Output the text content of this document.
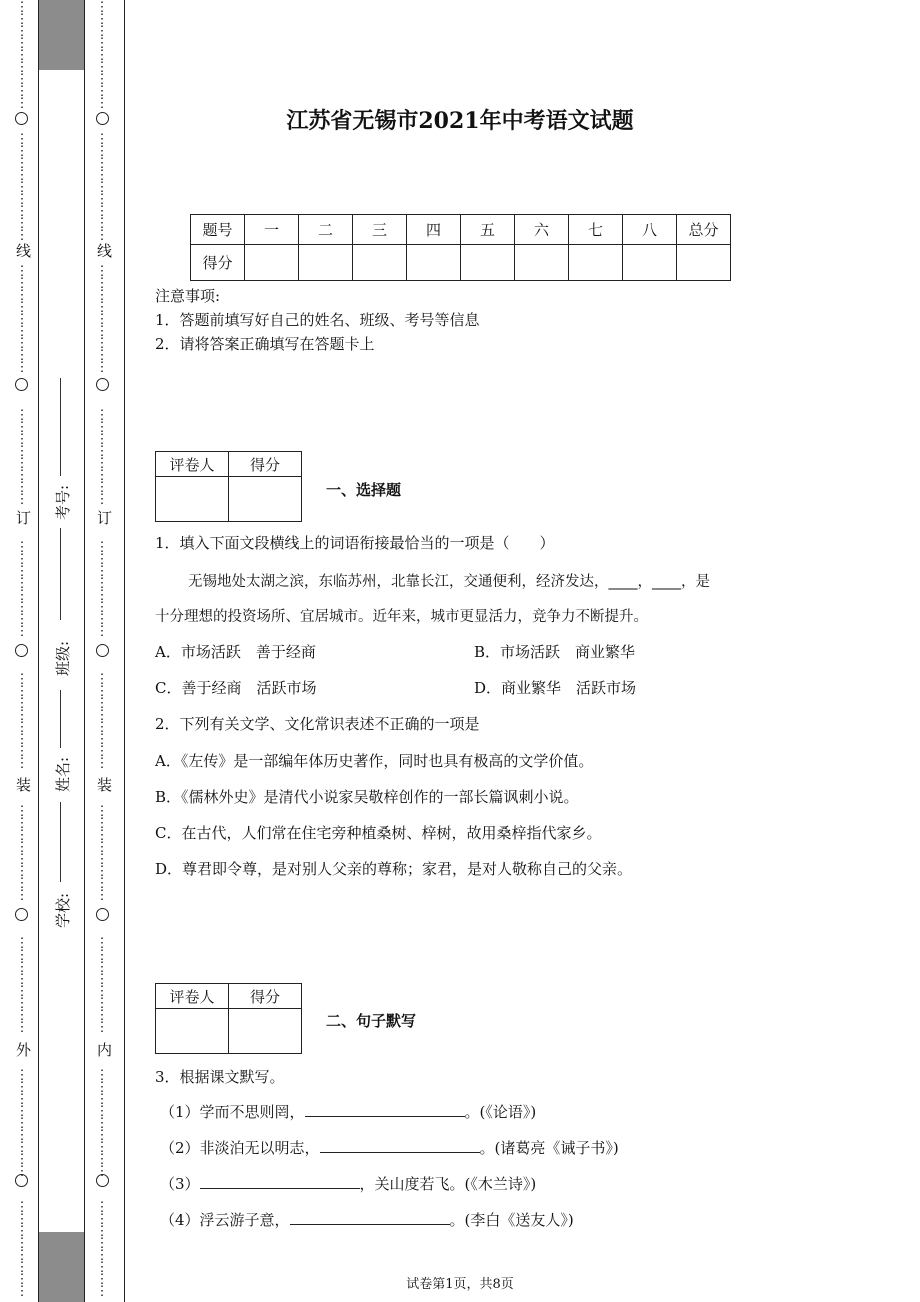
⋮
⋮
⋮
⋮
⋮
⋮
⋮
⋮
⋮
⋮
⋮
⋮
⋮
⋮
⋮
⋮
⋮
⋮
⋮
⋮
⋮
⋮
⋮
⋮
⋮
⋮
⋮
⋮
⋮
⋮
⋮
⋮
⋮
⋮
⋮
⋮
⋮
⋮
⋮
⋮
⋮
⋮
⋮
⋮
⋮
⋮
⋮
⋮
⋮
⋮
⋮
⋮
⋮
⋮
⋮
⋮
⋮
⋮
⋮
⋮
⋮
⋮
⋮
⋮
⋮
⋮
⋮
⋮
⋮
⋮
⋮
⋮
⋮
⋮
⋮
⋮
⋮
⋮
⋮
⋮
⋮
⋮
⋮
⋮
⋮
⋮
⋮
⋮
⋮
⋮
⋮
⋮
⋮
⋮
⋮
⋮
⋮
⋮
⋮
⋮
⋮
⋮
⋮
⋮
⋮
⋮
⋮
⋮
⋮
⋮
⋮
⋮
⋮
⋮
⋮
⋮
⋮
⋮
⋮
⋮
⋮
⋮
⋮
⋮
⋮
⋮
⋮
⋮
⋮
⋮
⋮
⋮
⋮
⋮
⋮
⋮
⋮
⋮
⋮
⋮
⋮
⋮
⋮
⋮
⋮
⋮
⋮
⋮
⋮
⋮
⋮
⋮
⋮
⋮
⋮
⋮
⋮
⋮
⋮
⋮
⋮
⋮
⋮
⋮
⋮
⋮
⋮
⋮
线
订
装
外
线
订
装
内
考号:
班级:
姓名:
学校:
江苏省无锡市2021年中考语文试题
题号	一	二	三	四	五	六	七	八	总分
得分									
注意事项:
1．答题前填写好自己的姓名、班级、考号等信息
2．请将答案正确填写在答题卡上
评卷人	得分

一、选择题
1．填入下面文段横线上的词语衔接最恰当的一项是（　　）
无锡地处太湖之滨，东临苏州，北靠长江，交通便利，经济发达，____，____，是
十分理想的投资场所、宜居城市。近年来，城市更显活力，竞争力不断提升。
A．市场活跃　善于经商	B．市场活跃　商业繁华
C．善于经商　活跃市场	D．商业繁华　活跃市场
2．下列有关文学、文化常识表述不正确的一项是
A．《左传》是一部编年体历史著作，同时也具有极高的文学价值。
B．《儒林外史》是清代小说家吴敬梓创作的一部长篇讽刺小说。
C．在古代，人们常在住宅旁种植桑树、梓树，故用桑梓指代家乡。
D．尊君即令尊，是对别人父亲的尊称；家君，是对人敬称自己的父亲。
评卷人	得分

二、句子默写
3．根据课文默写。
（1）学而不思则罔，	。(《论语》)
（2）非淡泊无以明志，	。(诸葛亮《诫子书》)
（3）	，关山度若飞。(《木兰诗》)
（4）浮云游子意，	。(李白《送友人》)
试卷第1页，共8页
